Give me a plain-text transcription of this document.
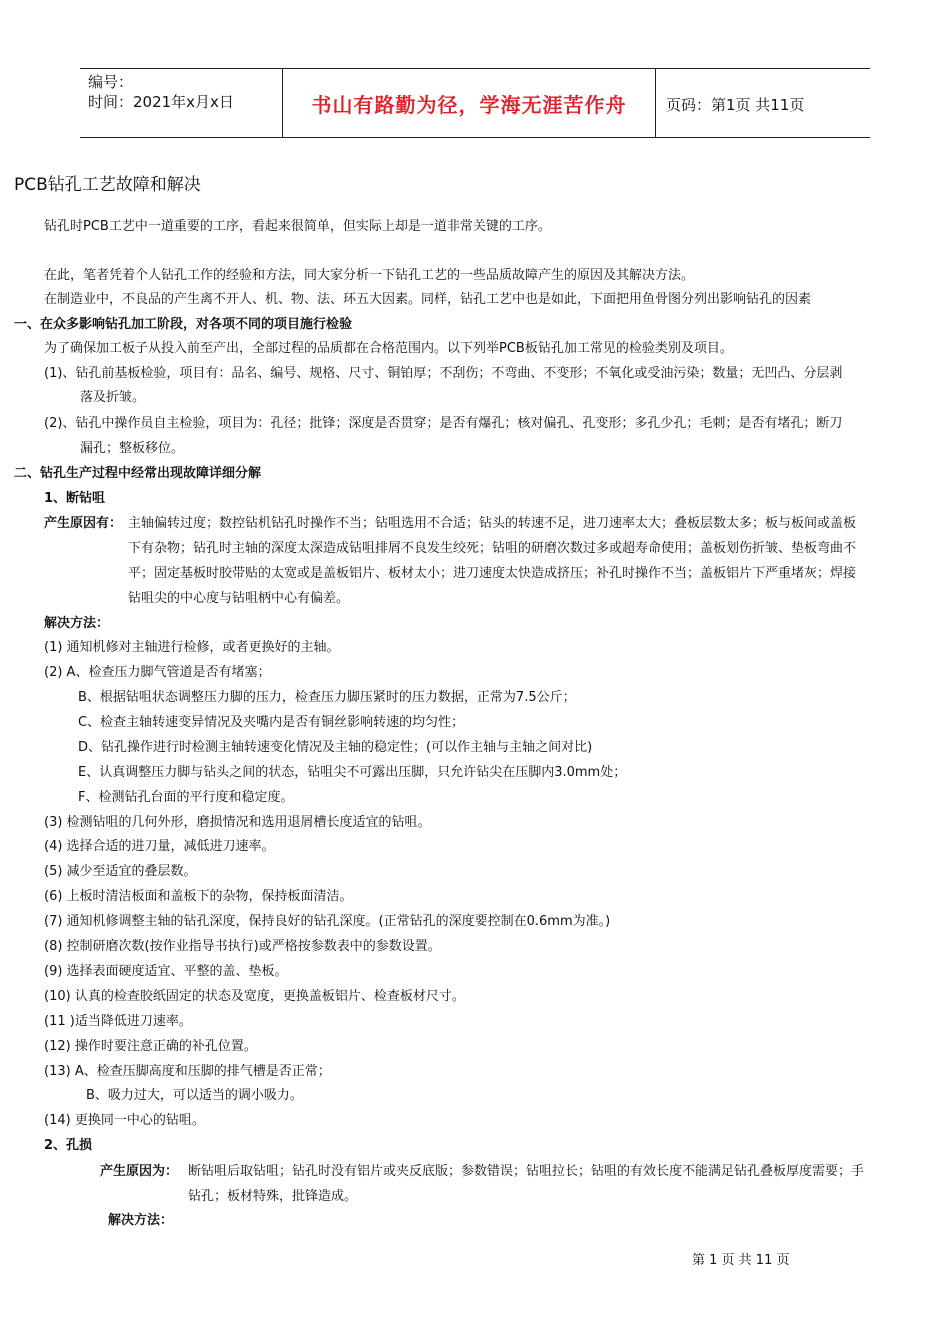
编号：
时间：2021年x月x日	书山有路勤为径，学海无涯苦作舟	页码：第1页 共11页
PCB钻孔工艺故障和解决
钻孔时PCB工艺中一道重要的工序，看起来很简单，但实际上却是一道非常关键的工序。
在此，笔者凭着个人钻孔工作的经验和方法，同大家分析一下钻孔工艺的一些品质故障产生的原因及其解决方法。
在制造业中，不良品的产生离不开人、机、物、法、环五大因素。同样，钻孔工艺中也是如此，下面把用鱼骨图分列出影响钻孔的因素
一、在众多影响钻孔加工阶段，对各项不同的项目施行检验
为了确保加工板子从投入前至产出，全部过程的品质都在合格范围内。以下列举PCB板钻孔加工常见的检验类别及项目。
(1)、钻孔前基板检验，项目有：品名、编号、规格、尺寸、铜铂厚；不刮伤；不弯曲、不变形；不氧化或受油污染；数量；无凹凸、分层剥
落及折皱。
(2)、钻孔中操作员自主检验，项目为：孔径；批锋；深度是否贯穿；是否有爆孔；核对偏孔、孔变形；多孔少孔；毛刺；是否有堵孔；断刀
漏孔；整板移位。
二、钻孔生产过程中经常出现故障详细分解
1、断钻咀
产生原因有： 主轴偏转过度；数控钻机钻孔时操作不当；钻咀选用不合适；钻头的转速不足，进刀速率太大；叠板层数太多；板与板间或盖板
下有杂物；钻孔时主轴的深度太深造成钻咀排屑不良发生绞死；钻咀的研磨次数过多或超寿命使用；盖板划伤折皱、垫板弯曲不
平；固定基板时胶带贴的太宽或是盖板铝片、板材太小；进刀速度太快造成挤压；补孔时操作不当；盖板铝片下严重堵灰；焊接
钻咀尖的中心度与钻咀柄中心有偏差。
解决方法：
(1) 通知机修对主轴进行检修，或者更换好的主轴。
(2) A、检查压力脚气管道是否有堵塞；
B、根据钻咀状态调整压力脚的压力，检查压力脚压紧时的压力数据，正常为7.5公斤；
C、检查主轴转速变异情况及夹嘴内是否有铜丝影响转速的均匀性；
D、钻孔操作进行时检测主轴转速变化情况及主轴的稳定性；(可以作主轴与主轴之间对比)
E、认真调整压力脚与钻头之间的状态，钻咀尖不可露出压脚，只允许钻尖在压脚内3.0mm处；
F、检测钻孔台面的平行度和稳定度。
(3) 检测钻咀的几何外形，磨损情况和选用退屑槽长度适宜的钻咀。
(4) 选择合适的进刀量，减低进刀速率。
(5) 减少至适宜的叠层数。
(6) 上板时清洁板面和盖板下的杂物，保持板面清洁。
(7) 通知机修调整主轴的钻孔深度，保持良好的钻孔深度。(正常钻孔的深度要控制在0.6mm为准。)
(8) 控制研磨次数(按作业指导书执行)或严格按参数表中的参数设置。
(9) 选择表面硬度适宜、平整的盖、垫板。
(10) 认真的检查胶纸固定的状态及宽度，更换盖板铝片、检查板材尺寸。
(11 )适当降低进刀速率。
(12) 操作时要注意正确的补孔位置。
(13) A、检查压脚高度和压脚的排气槽是否正常；
B、吸力过大，可以适当的调小吸力。
(14) 更换同一中心的钻咀。
2、孔损
产生原因为： 断钻咀后取钻咀；钻孔时没有铝片或夹反底版；参数错误；钻咀拉长；钻咀的有效长度不能满足钻孔叠板厚度需要；手
钻孔；板材特殊，批锋造成。
解决方法：
第 1 页 共 11 页
